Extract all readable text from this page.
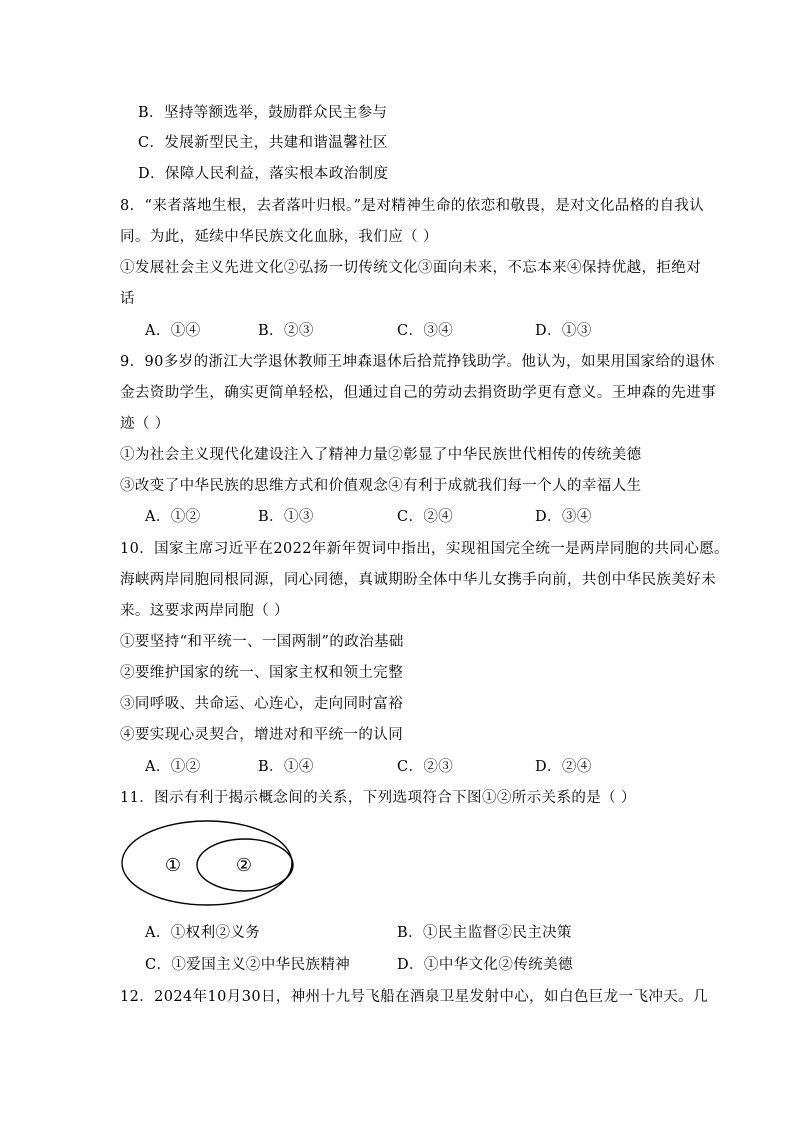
B．坚持等额选举，鼓励群众民主参与
C．发展新型民主，共建和谐温馨社区
D．保障人民利益，落实根本政治制度
8．“来者落地生根，去者落叶归根。”是对精神生命的依恋和敬畏，是对文化品格的自我认
同。为此，延续中华民族文化血脉，我们应（ ）
①发展社会主义先进文化②弘扬一切传统文化③面向未来，不忘本来④保持优越，拒绝对
话
A．①④	B．②③	C．③④	D．①③
9．90多岁的浙江大学退休教师王坤森退休后拾荒挣钱助学。他认为，如果用国家给的退休
金去资助学生，确实更简单轻松，但通过自己的劳动去捐资助学更有意义。王坤森的先进事
迹（ ）
①为社会主义现代化建设注入了精神力量②彰显了中华民族世代相传的传统美德
③改变了中华民族的思维方式和价值观念④有利于成就我们每一个人的幸福人生
A．①②	B．①③	C．②④	D．③④
10．国家主席习近平在2022年新年贺词中指出，实现祖国完全统一是两岸同胞的共同心愿。
海峡两岸同胞同根同源，同心同德，真诚期盼全体中华儿女携手向前，共创中华民族美好未
来。这要求两岸同胞（ ）
①要坚持“和平统一、一国两制”的政治基础
②要维护国家的统一、国家主权和领土完整
③同呼吸、共命运、心连心，走向同时富裕
④要实现心灵契合，增进对和平统一的认同
A．①②	B．①④	C．②③	D．②④
11．图示有利于揭示概念间的关系，下列选项符合下图①②所示关系的是（ ）
①	②
A．①权利②义务	B．①民主监督②民主决策
C．①爱国主义②中华民族精神	D．①中华文化②传统美德
12．2024年10月30日，神州十九号飞船在酒泉卫星发射中心，如白色巨龙一飞冲天。几
